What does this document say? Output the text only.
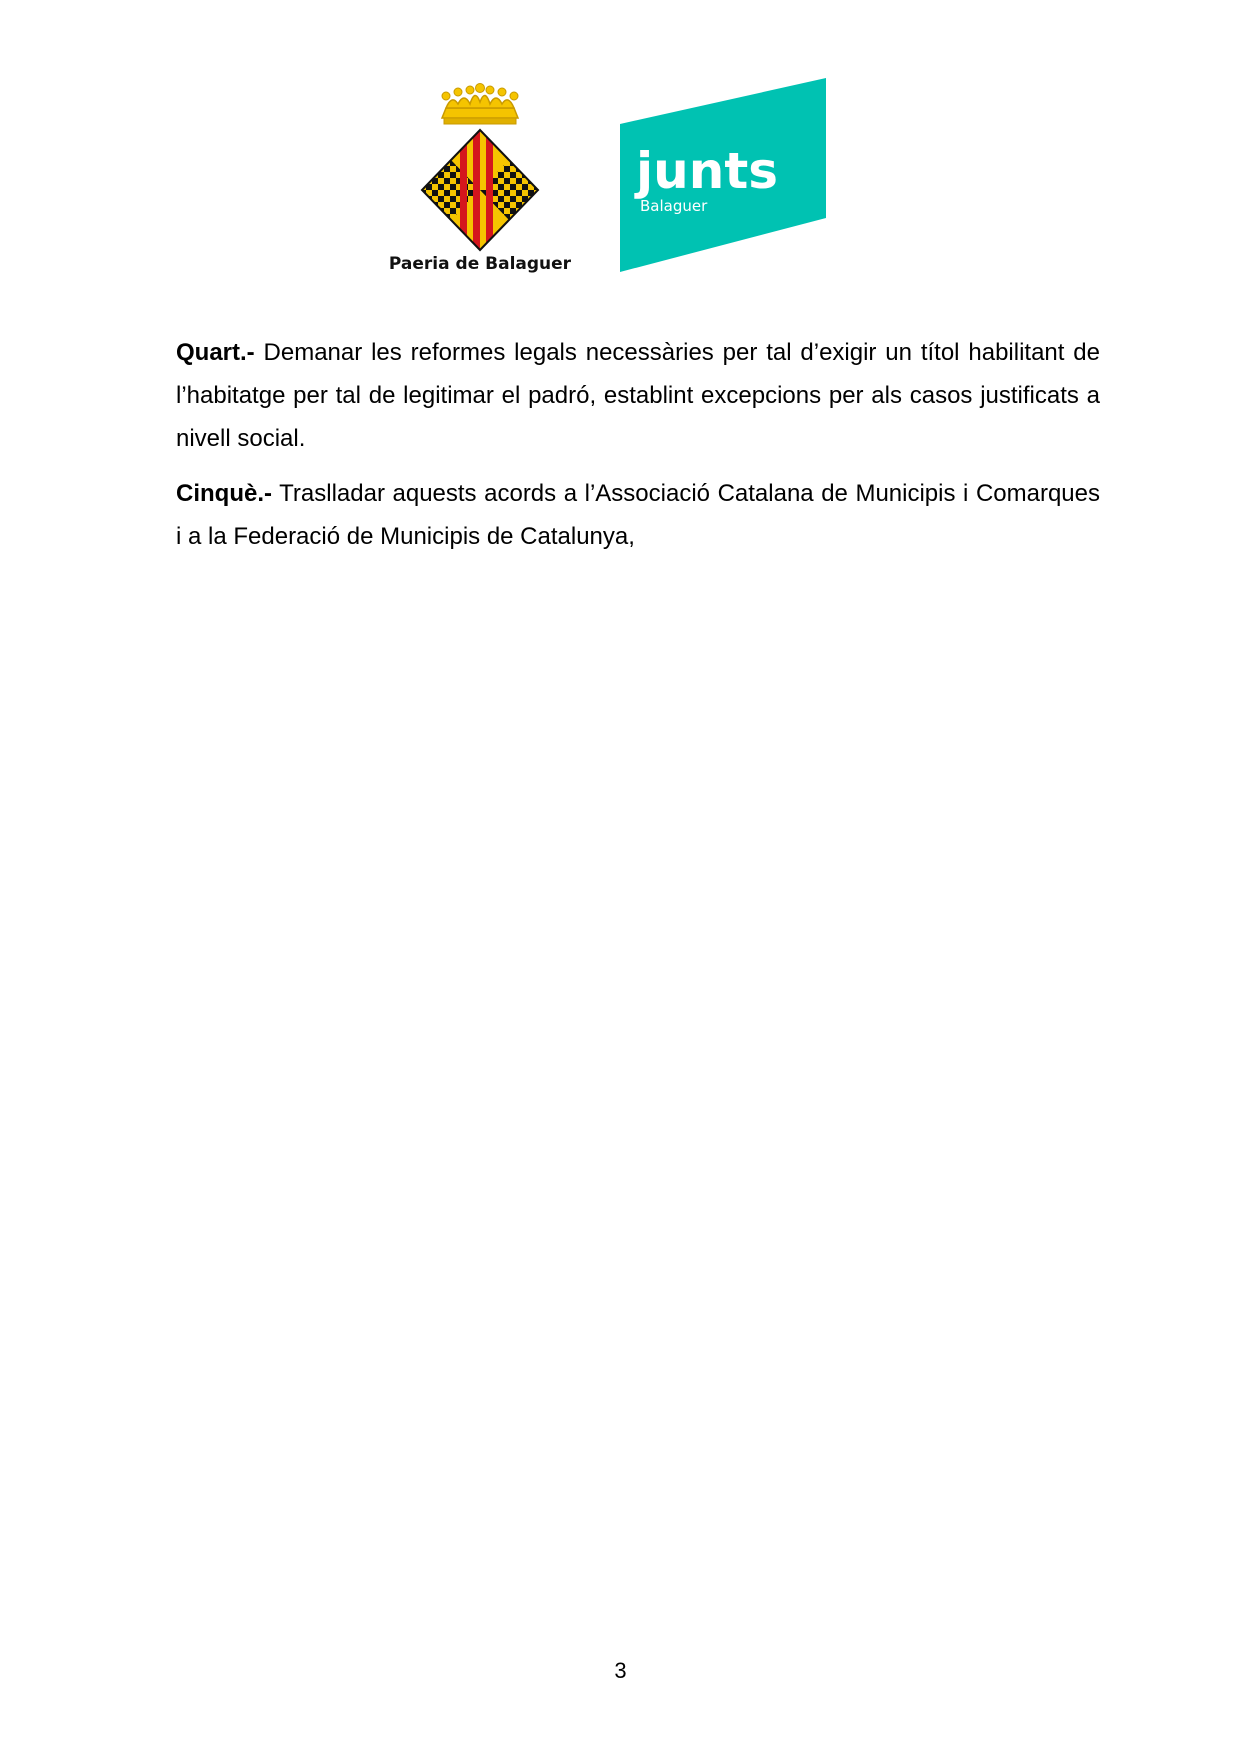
Paeria de Balaguer
junts
Balaguer

Quart.- Demanar les reformes legals necessàries per tal d’exigir un títol habilitant de l’habitatge per tal de legitimar el padró, establint excepcions per als casos justificats a nivell social.

Cinquè.- Traslladar aquests acords a l’Associació Catalana de Municipis i Comarques i a la Federació de Municipis de Catalunya,

3
